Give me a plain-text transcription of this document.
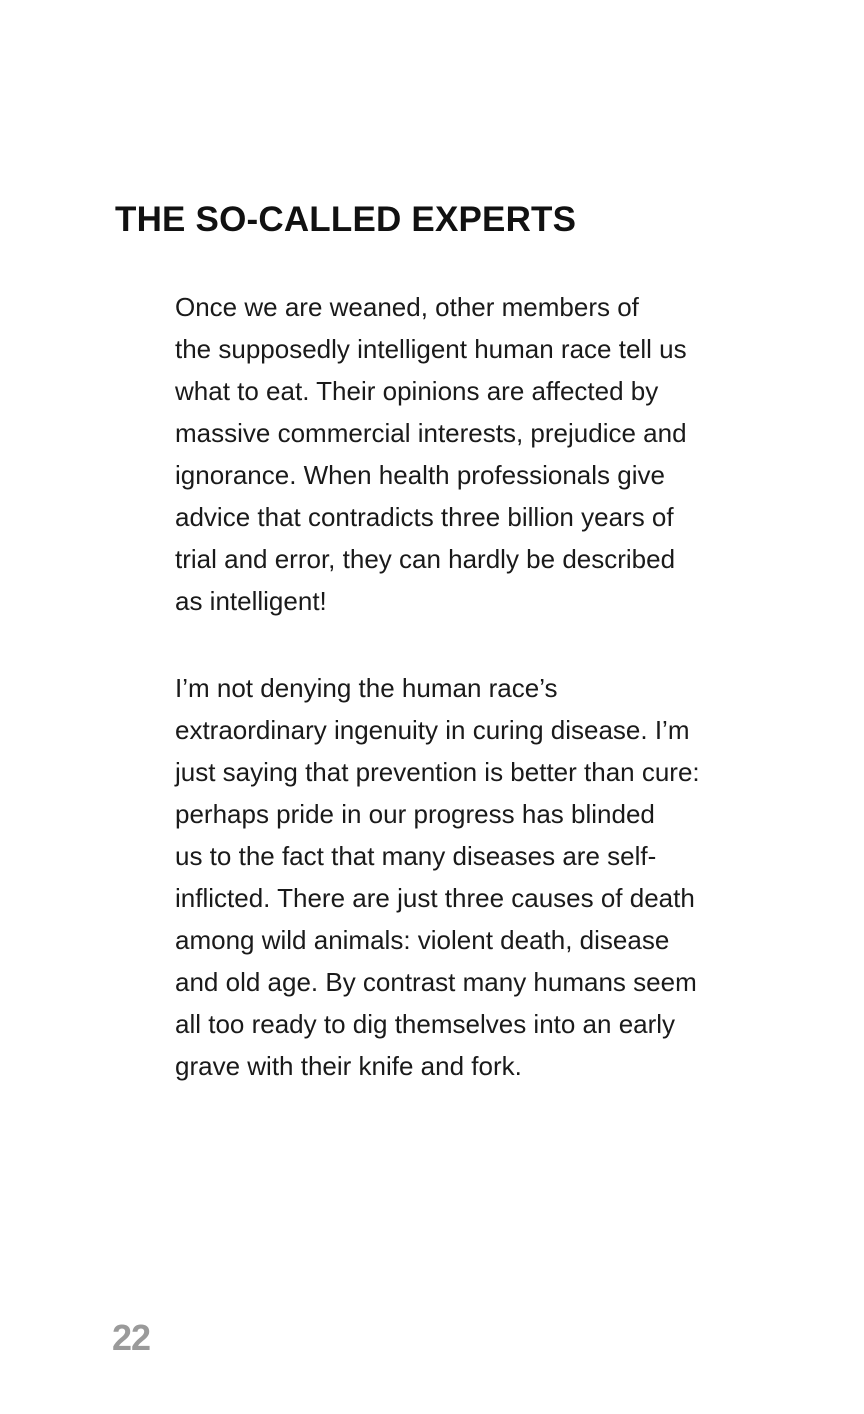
THE SO-CALLED EXPERTS
Once we are weaned, other members of
the supposedly intelligent human race tell us
what to eat. Their opinions are affected by
massive commercial interests, prejudice and
ignorance. When health professionals give
advice that contradicts three billion years of
trial and error, they can hardly be described
as intelligent!
I’m not denying the human race’s
extraordinary ingenuity in curing disease. I’m
just saying that prevention is better than cure:
perhaps pride in our progress has blinded
us to the fact that many diseases are self-
inflicted. There are just three causes of death
among wild animals: violent death, disease
and old age. By contrast many humans seem
all too ready to dig themselves into an early
grave with their knife and fork.
22
